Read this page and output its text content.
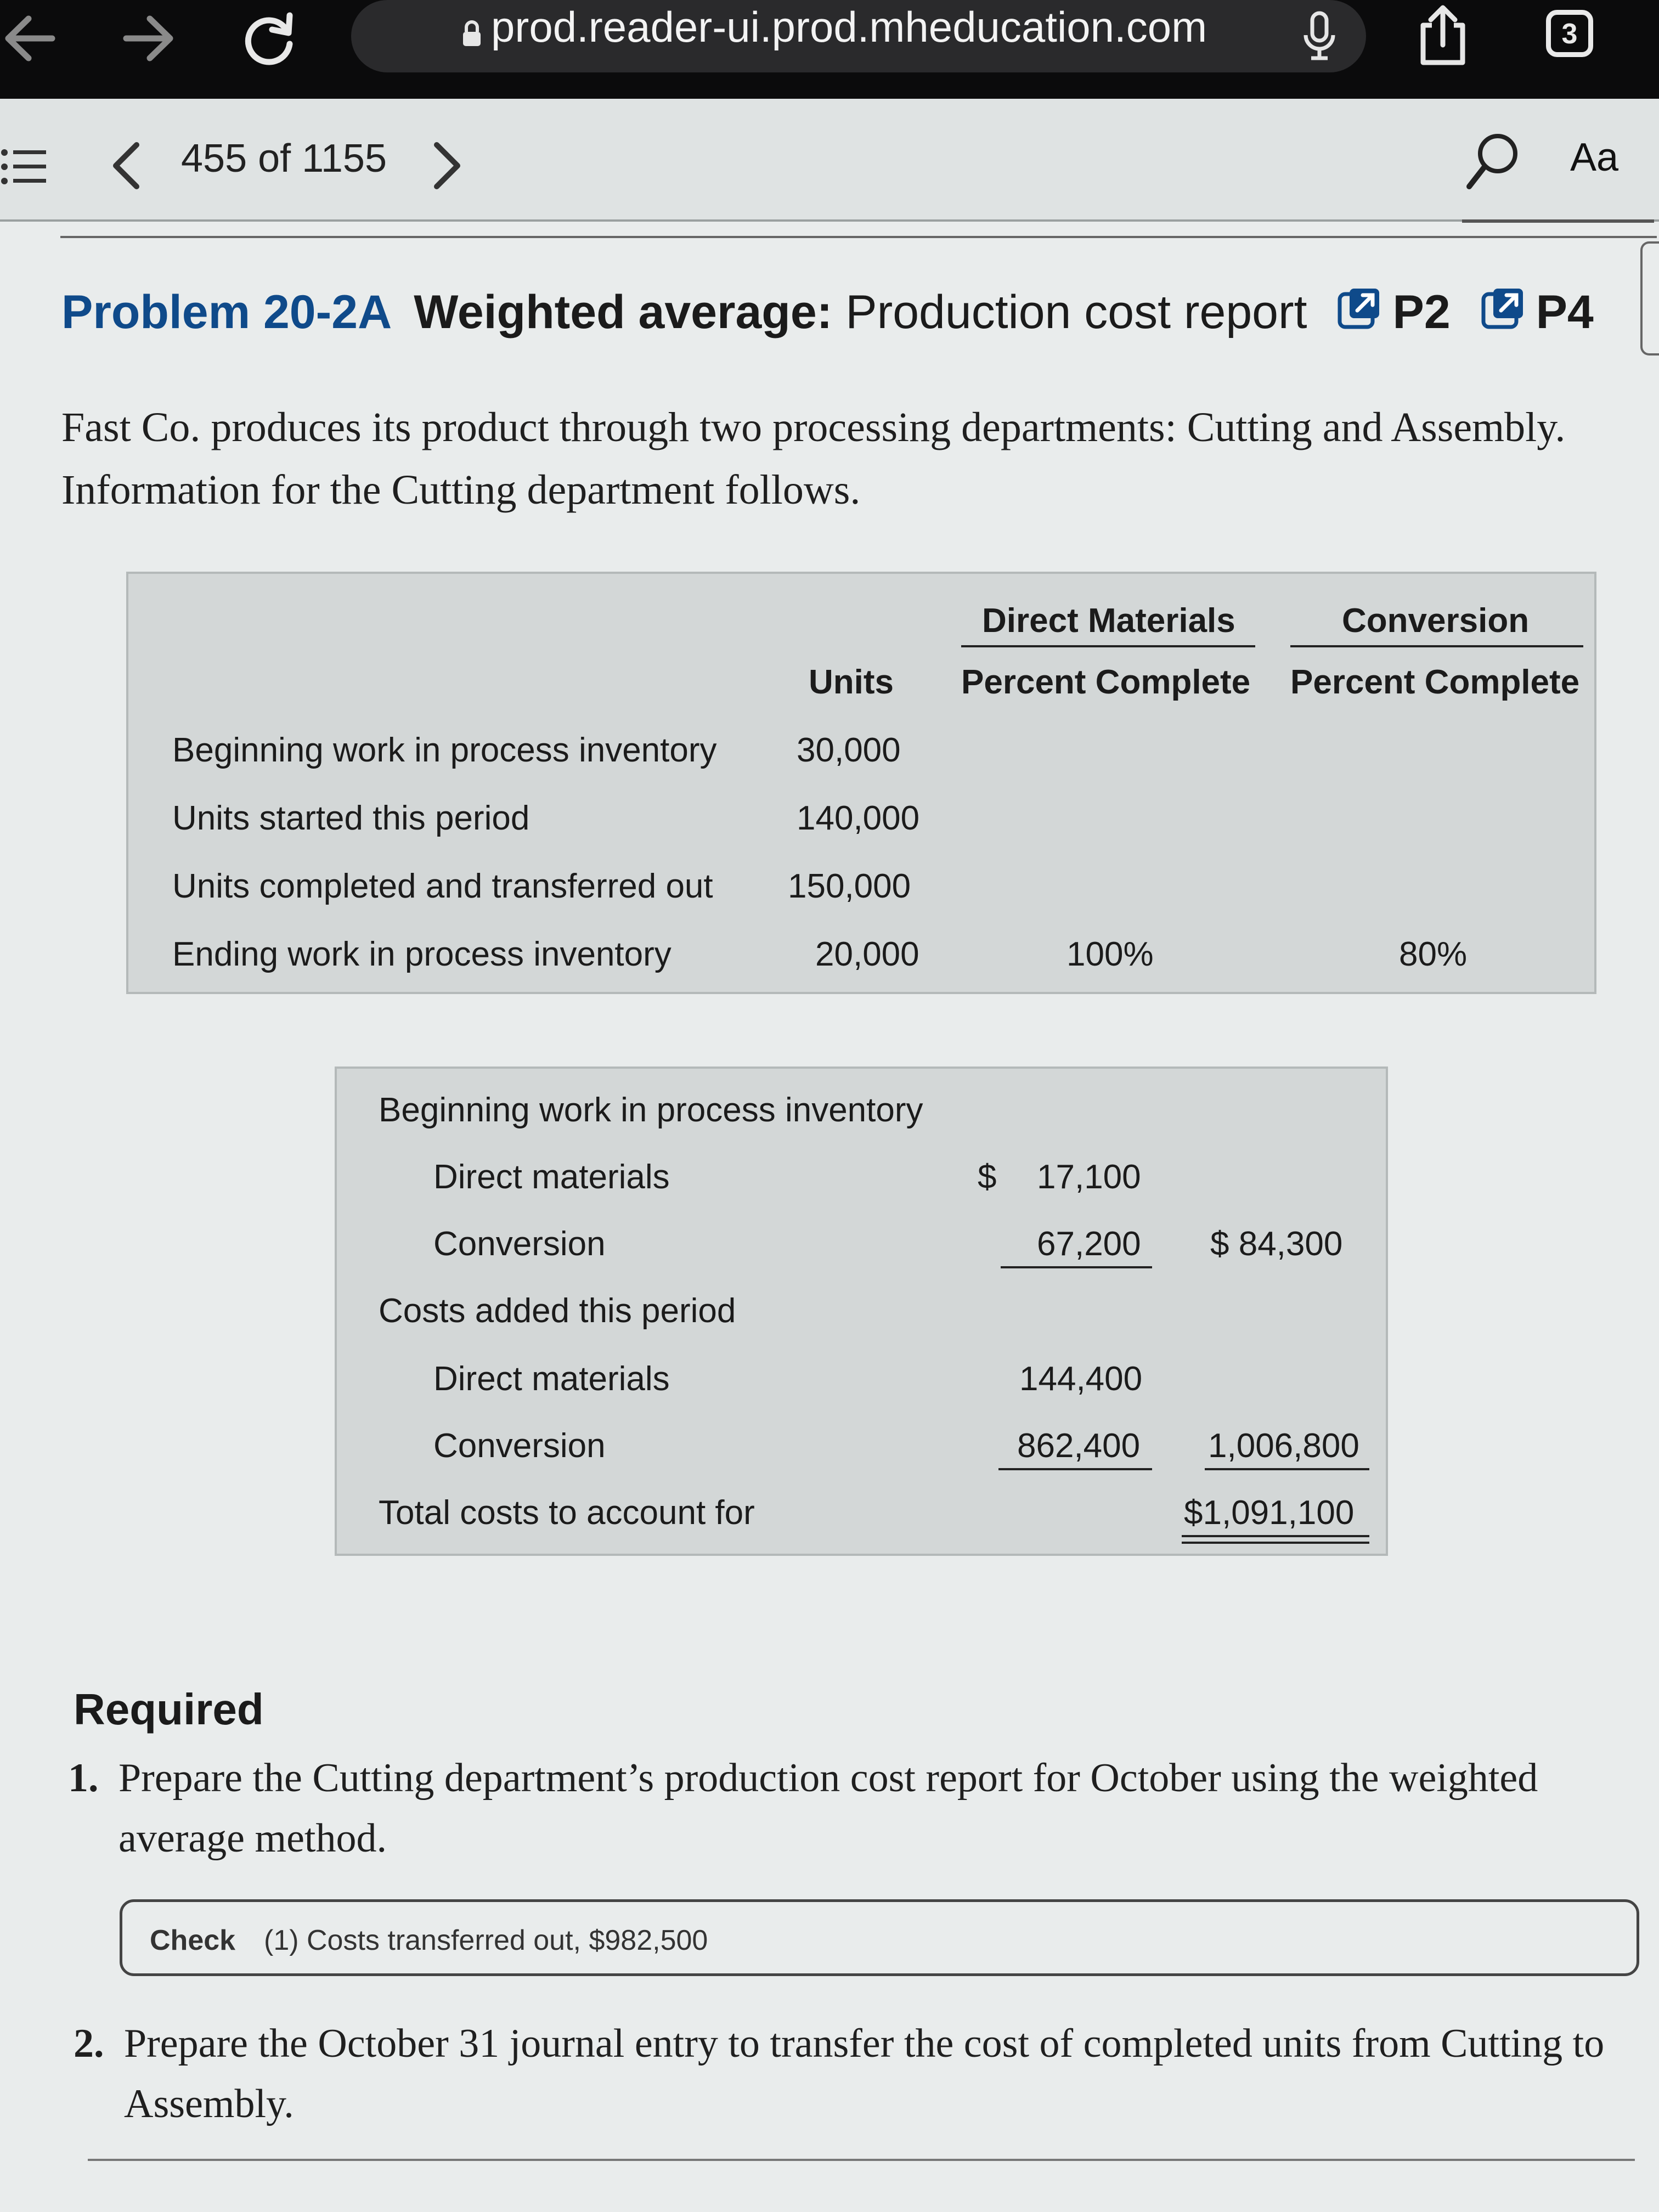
prod.reader-ui.prod.mheducation.com	3
455 of 1155	Aa
Problem 20-2A Weighted average: Production cost report P2 P4
Fast Co. produces its product through two processing departments: Cutting and Assembly. Information for the Cutting department follows.
Direct Materials	Conversion
Units Percent Complete Percent Complete
Beginning work in process inventory 30,000
Units started this period	140,000
Units completed and transferred out 150,000
Ending work in process inventory	20,000	100%	80%
Beginning work in process inventory
Direct materials	$ 17,100
Conversion	67,200 $ 84,300
Costs added this period
Direct materials	144,400
Conversion	862,400 1,006,800
Total costs to account for	$1,091,100
Required
1. Prepare the Cutting department’s production cost report for October using the weighted average method.
Check (1) Costs transferred out, $982,500
2. Prepare the October 31 journal entry to transfer the cost of completed units from Cutting to Assembly.
